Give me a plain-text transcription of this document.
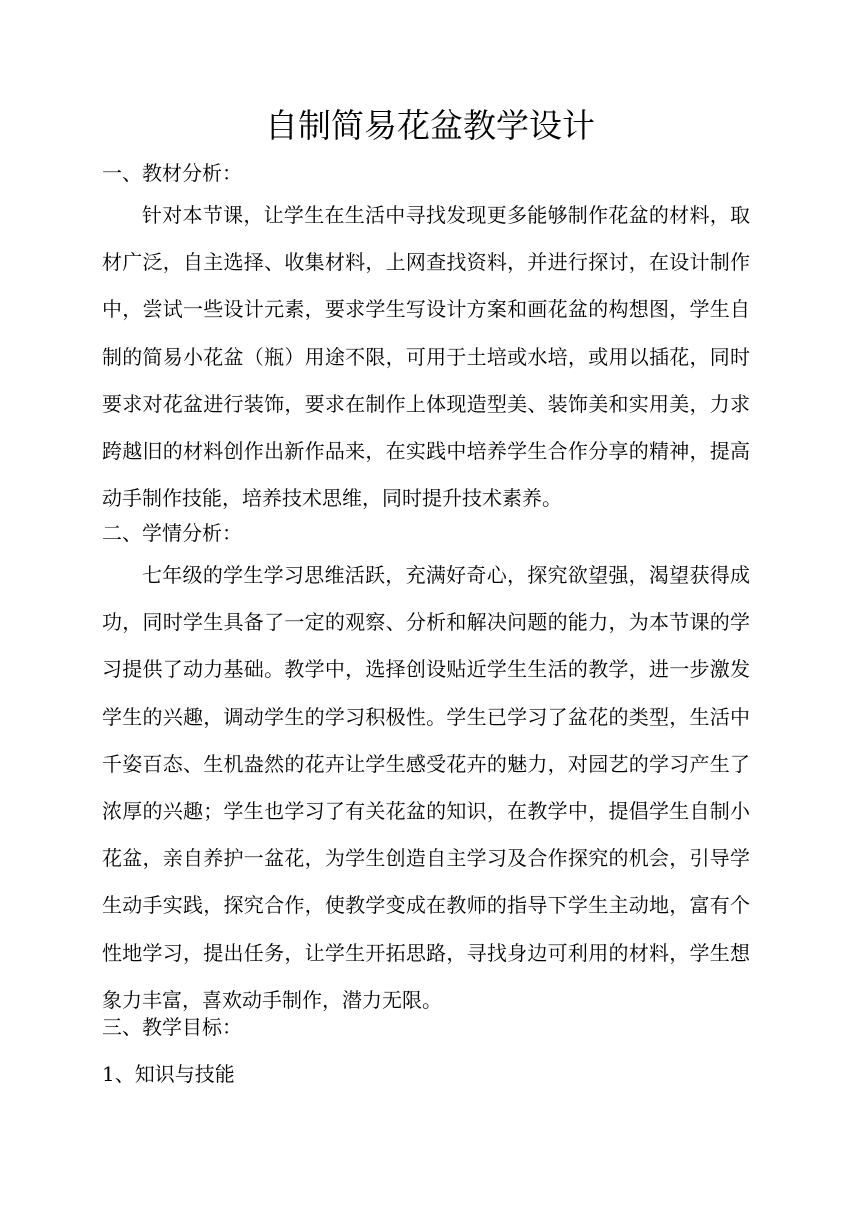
自制简易花盆教学设计
一、教材分析：

针对本节课，让学生在生活中寻找发现更多能够制作花盆的材料，取材广泛，自主选择、收集材料，上网查找资料，并进行探讨，在设计制作中，尝试一些设计元素，要求学生写设计方案和画花盆的构想图，学生自制的简易小花盆（瓶）用途不限，可用于土培或水培，或用以插花，同时要求对花盆进行装饰，要求在制作上体现造型美、装饰美和实用美，力求跨越旧的材料创作出新作品来，在实践中培养学生合作分享的精神，提高动手制作技能，培养技术思维，同时提升技术素养。

二、学情分析：

七年级的学生学习思维活跃，充满好奇心，探究欲望强，渴望获得成功，同时学生具备了一定的观察、分析和解决问题的能力，为本节课的学习提供了动力基础。教学中，选择创设贴近学生生活的教学，进一步激发学生的兴趣，调动学生的学习积极性。学生已学习了盆花的类型，生活中千姿百态、生机盎然的花卉让学生感受花卉的魅力，对园艺的学习产生了浓厚的兴趣；学生也学习了有关花盆的知识，在教学中，提倡学生自制小花盆，亲自养护一盆花，为学生创造自主学习及合作探究的机会，引导学生动手实践，探究合作，使教学变成在教师的指导下学生主动地，富有个性地学习，提出任务，让学生开拓思路，寻找身边可利用的材料，学生想象力丰富，喜欢动手制作，潜力无限。

三、教学目标：
1、知识与技能
